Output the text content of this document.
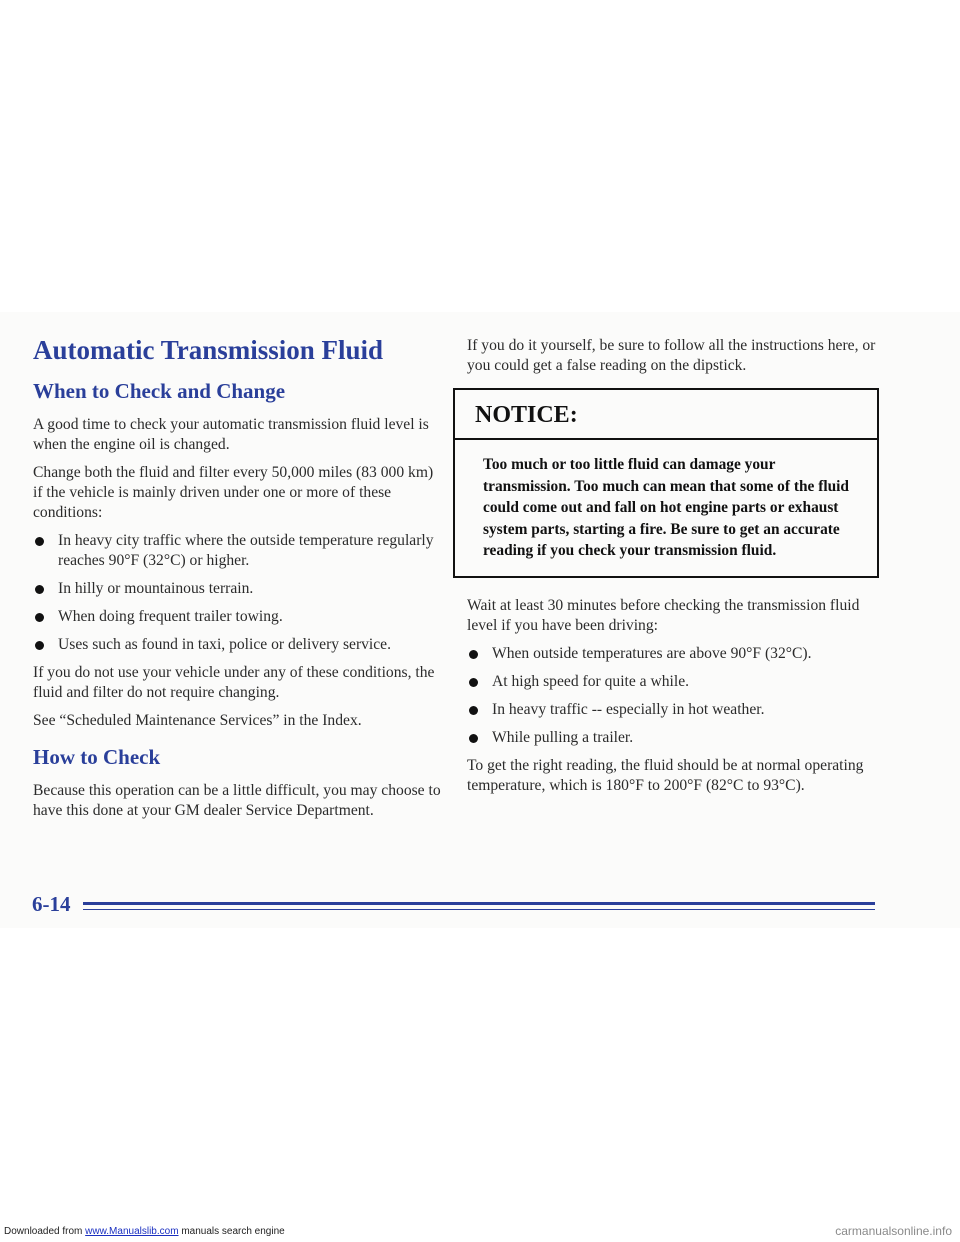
Automatic Transmission Fluid
When to Check and Change

A good time to check your automatic transmission fluid level is when the engine oil is changed.

Change both the fluid and filter every 50,000 miles (83 000 km) if the vehicle is mainly driven under one or more of these conditions:

In heavy city traffic where the outside temperature regularly reaches 90°F (32°C) or higher.
In hilly or mountainous terrain.
When doing frequent trailer towing.
Uses such as found in taxi, police or delivery service.

If you do not use your vehicle under any of these conditions, the fluid and filter do not require changing.

See “Scheduled Maintenance Services” in the Index.

How to Check

Because this operation can be a little difficult, you may choose to have this done at your GM dealer Service Department.

If you do it yourself, be sure to follow all the instructions here, or you could get a false reading on the dipstick.

NOTICE:
Too much or too little fluid can damage your transmission. Too much can mean that some of the fluid could come out and fall on hot engine parts or exhaust system parts, starting a fire. Be sure to get an accurate reading if you check your transmission fluid.

Wait at least 30 minutes before checking the transmission fluid level if you have been driving:

When outside temperatures are above 90°F (32°C).
At high speed for quite a while.
In heavy traffic -- especially in hot weather.
While pulling a trailer.

To get the right reading, the fluid should be at normal operating temperature, which is 180°F to 200°F (82°C to 93°C).

6-14
Downloaded from www.Manualslib.com manuals search engine	carmanualsonline.info
